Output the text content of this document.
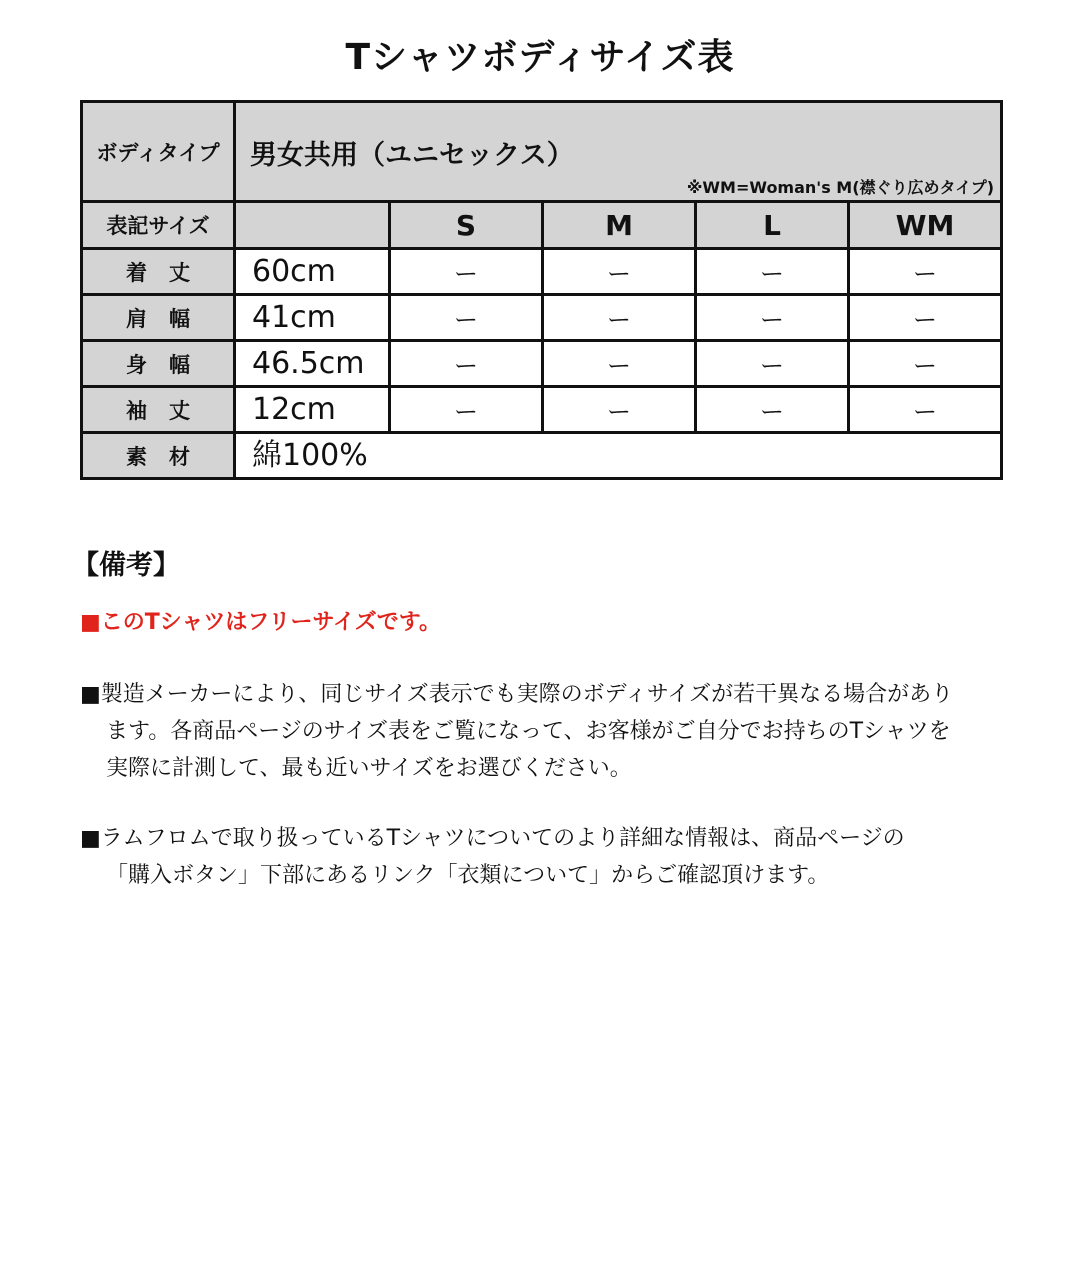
Tシャツボディサイズ表
ボディタイプ	男女共用（ユニセックス）
※WM=Woman's M(襟ぐり広めタイプ)				

表記サイズ		S	M	L	WM
着丈	60cm	ー	ー	ー	ー
肩幅	41cm	ー	ー	ー	ー
身幅	46.5cm	ー	ー	ー	ー
袖丈	12cm	ー	ー	ー	ー
素材	綿100%				
【備考】
■このTシャツはフリーサイズです。
■製造メーカーにより、同じサイズ表示でも実際のボディサイズが若干異なる場合があり
ます。各商品ページのサイズ表をご覧になって、お客様がご自分でお持ちのTシャツを
実際に計測して、最も近いサイズをお選びください。
■ラムフロムで取り扱っているTシャツについてのより詳細な情報は、商品ページの
「購入ボタン」下部にあるリンク「衣類について」からご確認頂けます。
